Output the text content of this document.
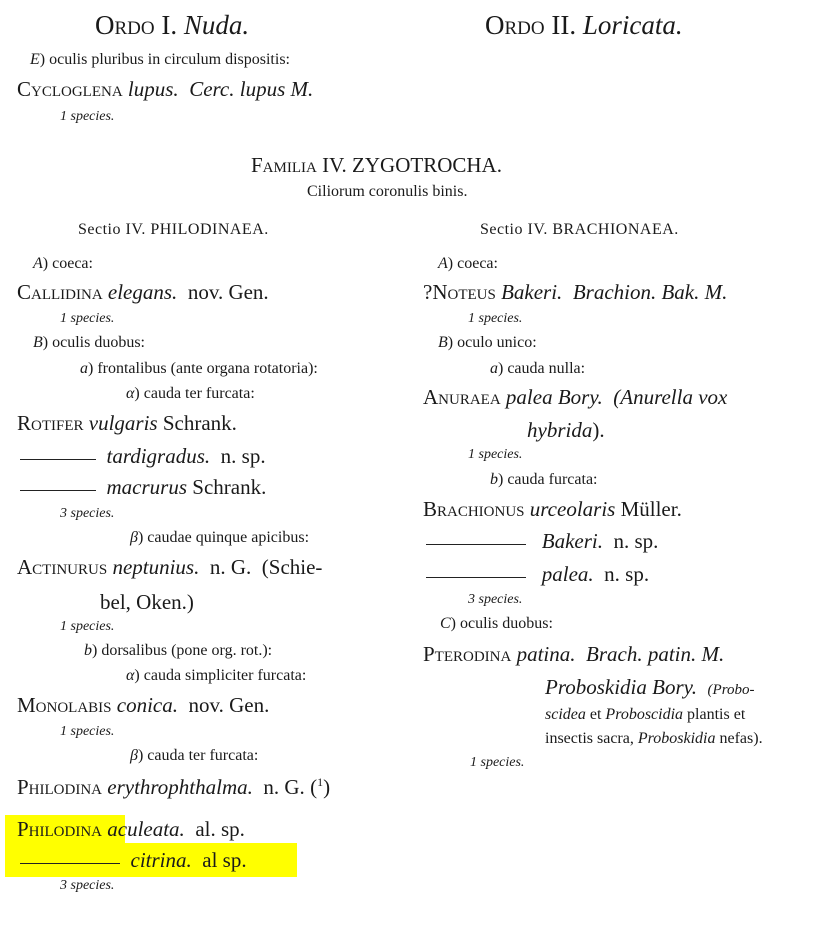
Ordo I. Nuda.	Ordo II. Loricata.
E) oculis pluribus in circulum dispositis:
Cycloglena lupus. Cerc. lupus M.
1 species.
Familia IV. ZYGOTROCHA.
Ciliorum coronulis binis.
Sectio IV. PHILODINAEA.
A) coeca:
Callidina elegans. nov. Gen.
1 species.
B) oculis duobus:
a) frontalibus (ante organa rotatoria):
α) cauda ter furcata:
Rotifer vulgaris Schrank.
tardigradus. n. sp.
macrurus Schrank.
3 species.
β) caudae quinque apicibus:
Actinurus neptunius. n. G. (Schie-
bel, Oken.)
1 species.
b) dorsalibus (pone org. rot.):
α) cauda simpliciter furcata:
Monolabis conica. nov. Gen.
1 species.
β) cauda ter furcata:
Philodina erythrophthalma. n. G. ($^1$)
Philodina aculeata. al. sp.
citrina. al sp.
3 species.
Sectio IV. BRACHIONAEA.
A) coeca:
?Noteus Bakeri. Brachion. Bak. M.
1 species.
B) oculo unico:
a) cauda nulla:
Anuraea palea Bory. (Anurella vox
hybrida).
1 species.
b) cauda furcata:
Brachionus urceolaris Müller.
Bakeri. n. sp.
palea. n. sp.
3 species.
C) oculis duobus:
Pterodina patina. Brach. patin. M.
Proboskidia Bory. (Probo-
scidea et Proboscidia plantis et
insectis sacra, Proboskidia nefas).
1 species.
